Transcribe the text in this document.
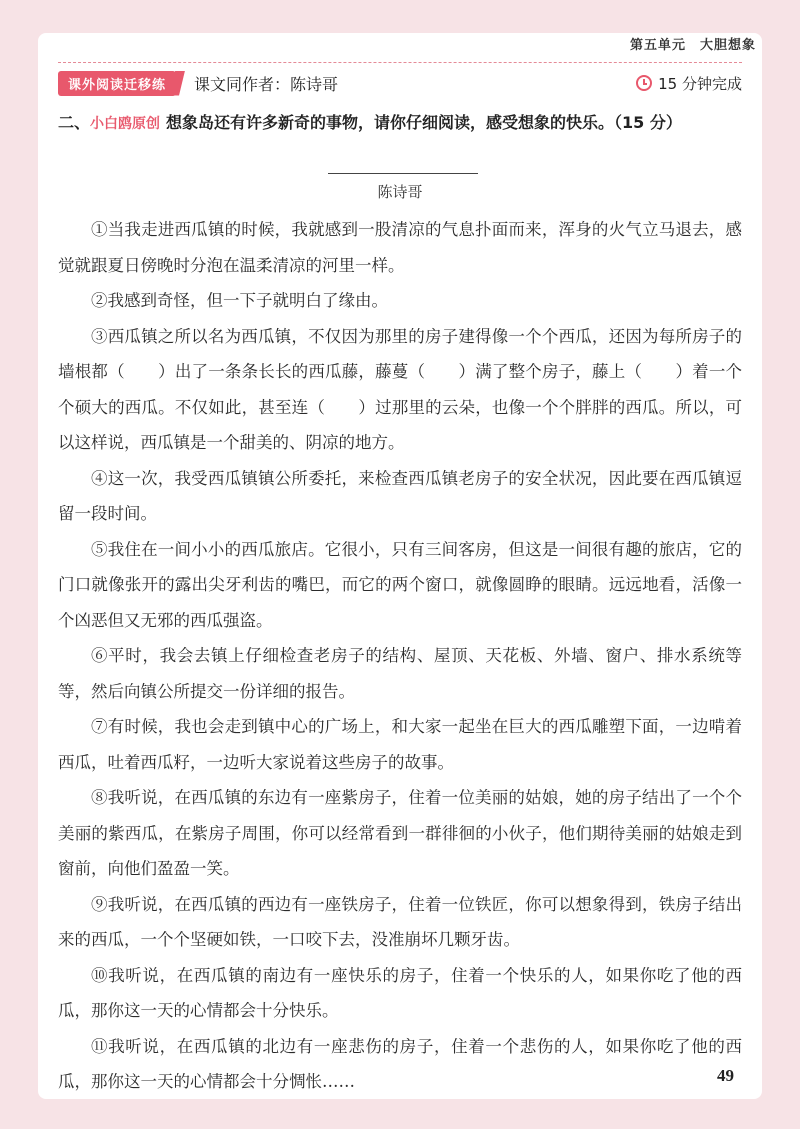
第五单元 大胆想象
课外阅读迁移练	课文同作者：陈诗哥	15 分钟完成
二、小白鸥原创 想象岛还有许多新奇的事物，请你仔细阅读，感受想象的快乐。（15 分）
陈诗哥

①当我走进西瓜镇的时候，我就感到一股清凉的气息扑面而来，浑身的火气立马退去，感觉就跟夏日傍晚时分泡在温柔清凉的河里一样。

②我感到奇怪，但一下子就明白了缘由。

③西瓜镇之所以名为西瓜镇，不仅因为那里的房子建得像一个个西瓜，还因为每所房子的墙根都（　　）出了一条条长长的西瓜藤，藤蔓（　　）满了整个房子，藤上（　　）着一个个硕大的西瓜。不仅如此，甚至连（　　）过那里的云朵，也像一个个胖胖的西瓜。所以，可以这样说，西瓜镇是一个甜美的、阴凉的地方。

④这一次，我受西瓜镇镇公所委托，来检查西瓜镇老房子的安全状况，因此要在西瓜镇逗留一段时间。

⑤我住在一间小小的西瓜旅店。它很小，只有三间客房，但这是一间很有趣的旅店，它的门口就像张开的露出尖牙利齿的嘴巴，而它的两个窗口，就像圆睁的眼睛。远远地看，活像一个凶恶但又无邪的西瓜强盗。

⑥平时，我会去镇上仔细检查老房子的结构、屋顶、天花板、外墙、窗户、排水系统等等，然后向镇公所提交一份详细的报告。

⑦有时候，我也会走到镇中心的广场上，和大家一起坐在巨大的西瓜雕塑下面，一边啃着西瓜，吐着西瓜籽，一边听大家说着这些房子的故事。

⑧我听说，在西瓜镇的东边有一座紫房子，住着一位美丽的姑娘，她的房子结出了一个个美丽的紫西瓜，在紫房子周围，你可以经常看到一群徘徊的小伙子，他们期待美丽的姑娘走到窗前，向他们盈盈一笑。

⑨我听说，在西瓜镇的西边有一座铁房子，住着一位铁匠，你可以想象得到，铁房子结出来的西瓜，一个个坚硬如铁，一口咬下去，没准崩坏几颗牙齿。

⑩我听说，在西瓜镇的南边有一座快乐的房子，住着一个快乐的人，如果你吃了他的西瓜，那你这一天的心情都会十分快乐。

⑪我听说，在西瓜镇的北边有一座悲伤的房子，住着一个悲伤的人，如果你吃了他的西瓜，那你这一天的心情都会十分惆怅……	49
